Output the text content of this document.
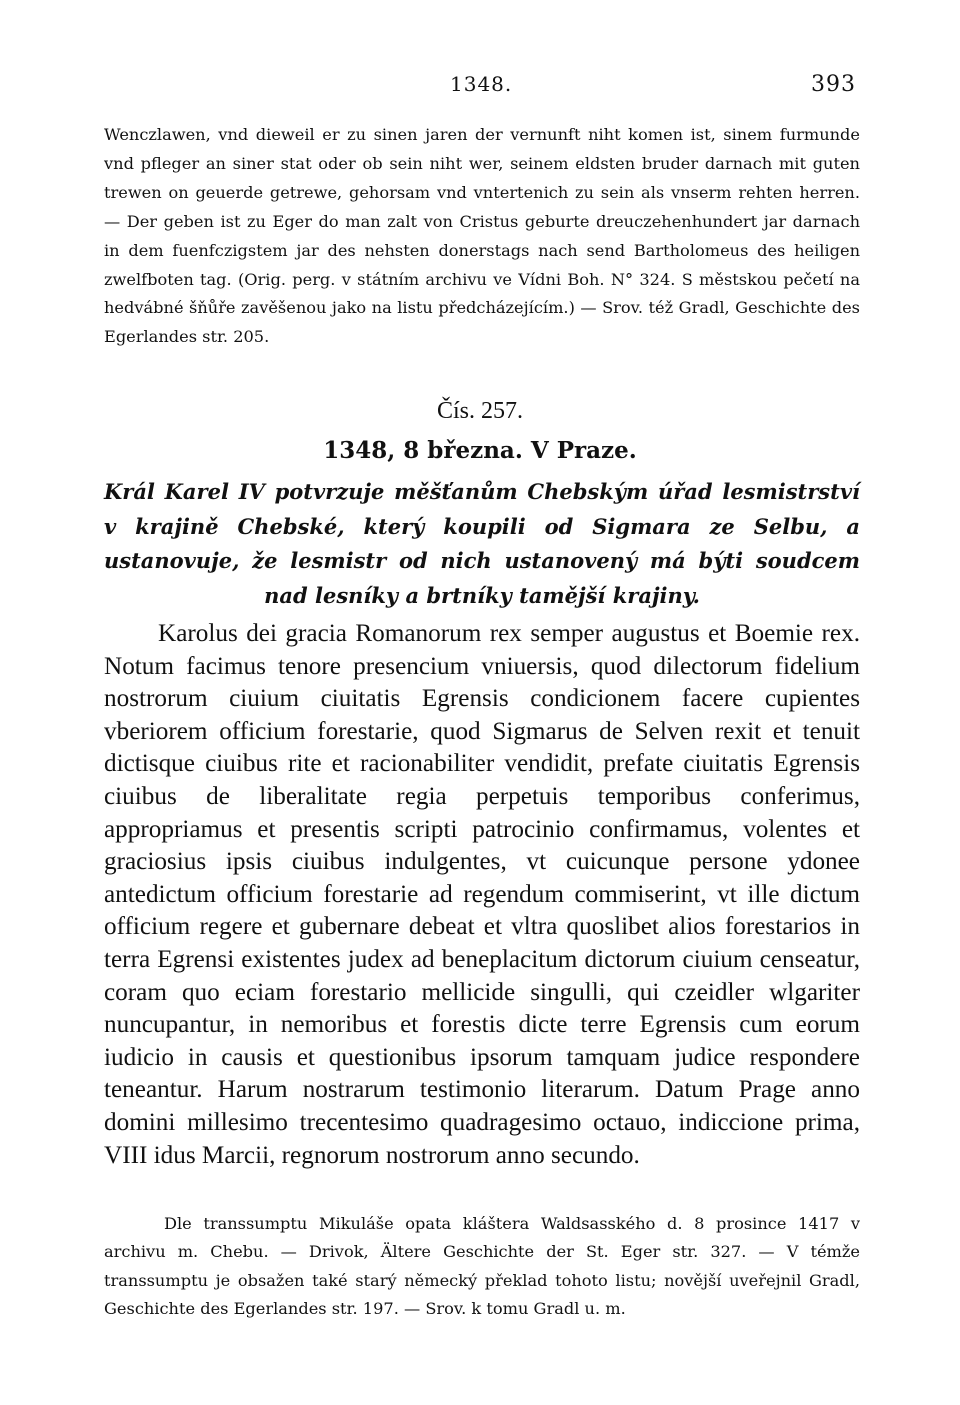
1348.	393

Wenczlawen, vnd dieweil er zu sinen jaren der vernunft niht komen ist, sinem furmunde vnd pfleger an siner stat oder ob sein niht wer, seinem eldsten bruder darnach mit guten trewen on geuerde getrewe, gehorsam vnd vntertenich zu sein als vnserm rehten herren. — Der geben ist zu Eger do man zalt von Cristus geburte dreuczehenhundert jar darnach in dem fuenfczigstem jar des nehsten donerstags nach send Bartholomeus des heiligen zwelfboten tag. (Orig. perg. v státním archivu ve Vídni Boh. N° 324. S městskou pečetí na hedvábné šňůře zavěšenou jako na listu předcházejícím.) — Srov. též Gradl, Geschichte des Egerlandes str. 205.

Čís. 257.
1348, 8 března. V Praze.

Král Karel IV potvrzuje měšťanům Chebským úřad lesmistrství v krajině Chebské, který koupili od Sigmara ze Selbu, a ustanovuje, že lesmistr od nich ustanovený má býti soudcem nad lesníky a brtníky tamější krajiny.

Karolus dei gracia Romanorum rex semper augustus et Boemie rex. Notum facimus tenore presencium vniuersis, quod dilectorum fidelium nostrorum ciuium ciuitatis Egrensis condicionem facere cupientes vberiorem officium forestarie, quod Sigmarus de Selven rexit et tenuit dictisque ciuibus rite et racionabiliter vendidit, prefate ciuitatis Egrensis ciuibus de liberalitate regia perpetuis temporibus conferimus, appropriamus et presentis scripti patrocinio confirmamus, volentes et graciosius ipsis ciuibus indulgentes, vt cuicunque persone ydonee antedictum officium forestarie ad regendum commiserint, vt ille dictum officium regere et gubernare debeat et vltra quoslibet alios forestarios in terra Egrensi existentes judex ad beneplacitum dictorum ciuium censeatur, coram quo eciam forestario mellicide singulli, qui czeidler wlgariter nuncupantur, in nemoribus et forestis dicte terre Egrensis cum eorum iudicio in causis et questionibus ipsorum tamquam judice respondere teneantur. Harum nostrarum testimonio literarum. Datum Prage anno domini millesimo trecentesimo quadragesimo octauo, indiccione prima, VIII idus Marcii, regnorum nostrorum anno secundo.

Dle transsumptu Mikuláše opata kláštera Waldsasského d. 8 prosince 1417 v archivu m. Chebu. — Drivok, Ältere Geschichte der St. Eger str. 327. — V témže transsumptu je obsažen také starý německý překlad tohoto listu; novější uveřejnil Gradl, Geschichte des Egerlandes str. 197. — Srov. k tomu Gradl u. m.
